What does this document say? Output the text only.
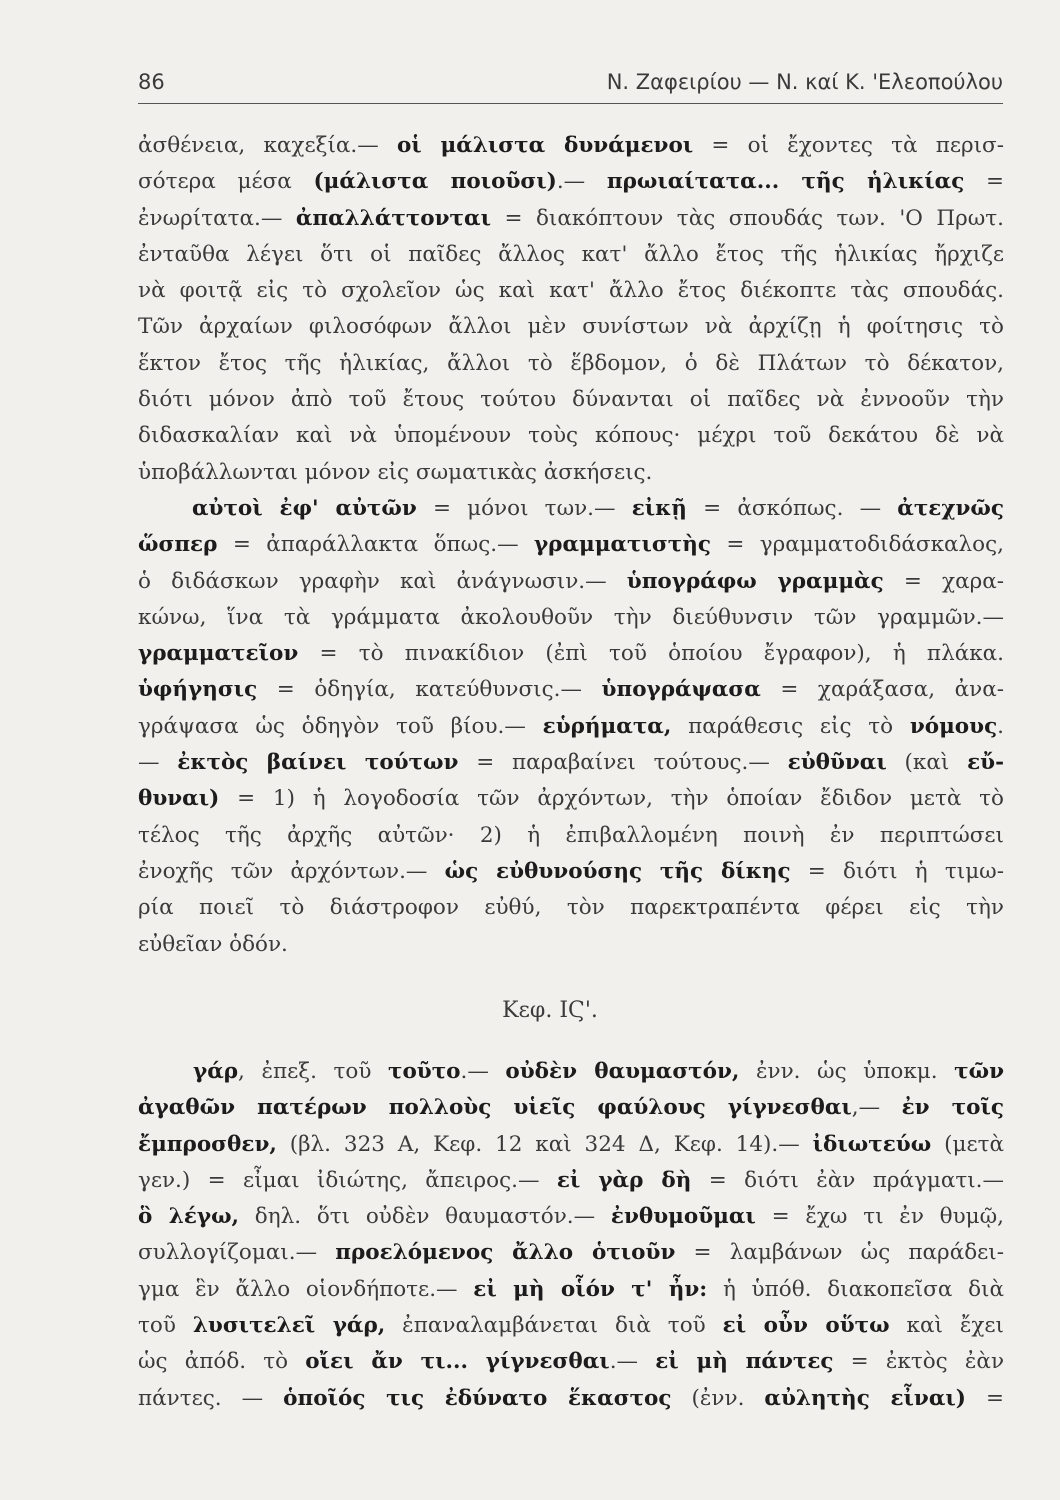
86	Ν. Ζαφειρίου — Ν. καί Κ. 'Ελεοπούλου
ἀσθένεια, καχεξία.— οἱ μάλιστα δυνάμενοι = οἱ ἔχοντες τὰ περισ-
σότερα μέσα (μάλιστα ποιοῦσι).— πρωιαίτατα... τῆς ἡλικίας =
ἐνωρίτατα.— ἀπαλλάττονται = διακόπτουν τὰς σπουδάς των. 'Ο Πρωτ.
ἐνταῦθα λέγει ὅτι οἱ παῖδες ἄλλος κατ' ἄλλο ἔτος τῆς ἡλικίας ἤρχιζε
νὰ φοιτᾷ εἰς τὸ σχολεῖον ὡς καὶ κατ' ἄλλο ἔτος διέκοπτε τὰς σπουδάς.
Τῶν ἀρχαίων φιλοσόφων ἄλλοι μὲν συνίστων νὰ ἀρχίζῃ ἡ φοίτησις τὸ
ἕκτον ἔτος τῆς ἡλικίας, ἄλλοι τὸ ἕβδομον, ὁ δὲ Πλάτων τὸ δέκατον,
διότι μόνον ἀπὸ τοῦ ἔτους τούτου δύνανται οἱ παῖδες νὰ ἐννοοῦν τὴν
διδασκαλίαν καὶ νὰ ὑπομένουν τοὺς κόπους· μέχρι τοῦ δεκάτου δὲ νὰ
ὑποβάλλωνται μόνον εἰς σωματικὰς ἀσκήσεις.
αὐτοὶ ἐφ' αὐτῶν = μόνοι των.— εἰκῇ = ἀσκόπως. — ἀτεχνῶς
ὥσπερ = ἀπαράλλακτα ὅπως.— γραμματιστὴς = γραμματοδιδάσκαλος,
ὁ διδάσκων γραφὴν καὶ ἀνάγνωσιν.— ὑπογράφω γραμμὰς = χαρα-
κώνω, ἵνα τὰ γράμματα ἀκολουθοῦν τὴν διεύθυνσιν τῶν γραμμῶν.—
γραμματεῖον = τὸ πινακίδιον (ἐπὶ τοῦ ὁποίου ἔγραφον), ἡ πλάκα.
ὑφήγησις = ὁδηγία, κατεύθυνσις.— ὑπογράψασα = χαράξασα, ἀνα-
γράψασα ὡς ὁδηγὸν τοῦ βίου.— εὑρήματα, παράθεσις εἰς τὸ νόμους.
— ἐκτὸς βαίνει τούτων = παραβαίνει τούτους.— εὐθῦναι (καὶ εὔ-
θυναι) = 1) ἡ λογοδοσία τῶν ἀρχόντων, τὴν ὁποίαν ἔδιδον μετὰ τὸ
τέλος τῆς ἀρχῆς αὐτῶν· 2) ἡ ἐπιβαλλομένη ποινὴ ἐν περιπτώσει
ἐνοχῆς τῶν ἀρχόντων.— ὡς εὐθυνούσης τῆς δίκης = διότι ἡ τιμω-
ρία ποιεῖ τὸ διάστροφον εὐθύ, τὸν παρεκτραπέντα φέρει εἰς τὴν
εὐθεῖαν ὁδόν.
Κεφ. ΙϚ'.
γάρ, ἐπεξ. τοῦ τοῦτο.— οὐδὲν θαυμαστόν, ἐνν. ὡς ὑποκμ. τῶν
ἀγαθῶν πατέρων πολλοὺς υἱεῖς φαύλους γίγνεσθαι,— ἐν τοῖς
ἔμπροσθεν, (βλ. 323 Α, Κεφ. 12 καὶ 324 Δ, Κεφ. 14).— ἰδιωτεύω (μετὰ
γεν.) = εἶμαι ἰδιώτης, ἄπειρος.— εἰ γὰρ δὴ = διότι ἐὰν πράγματι.—
ὃ λέγω, δηλ. ὅτι οὐδὲν θαυμαστόν.— ἐνθυμοῦμαι = ἔχω τι ἐν θυμῷ,
συλλογίζομαι.— προελόμενος ἄλλο ὁτιοῦν = λαμβάνων ὡς παράδει-
γμα ἓν ἄλλο οἱονδήποτε.— εἰ μὴ οἷόν τ' ἦν: ἡ ὑπόθ. διακοπεῖσα διὰ
τοῦ λυσιτελεῖ γάρ, ἐπαναλαμβάνεται διὰ τοῦ εἰ οὖν οὕτω καὶ ἔχει
ὡς ἀπόδ. τὸ οἴει ἄν τι... γίγνεσθαι.— εἰ μὴ πάντες = ἐκτὸς ἐὰν
πάντες. — ὁποῖός τις ἐδύνατο ἕκαστος (ἐνν. αὐλητὴς εἶναι) =
